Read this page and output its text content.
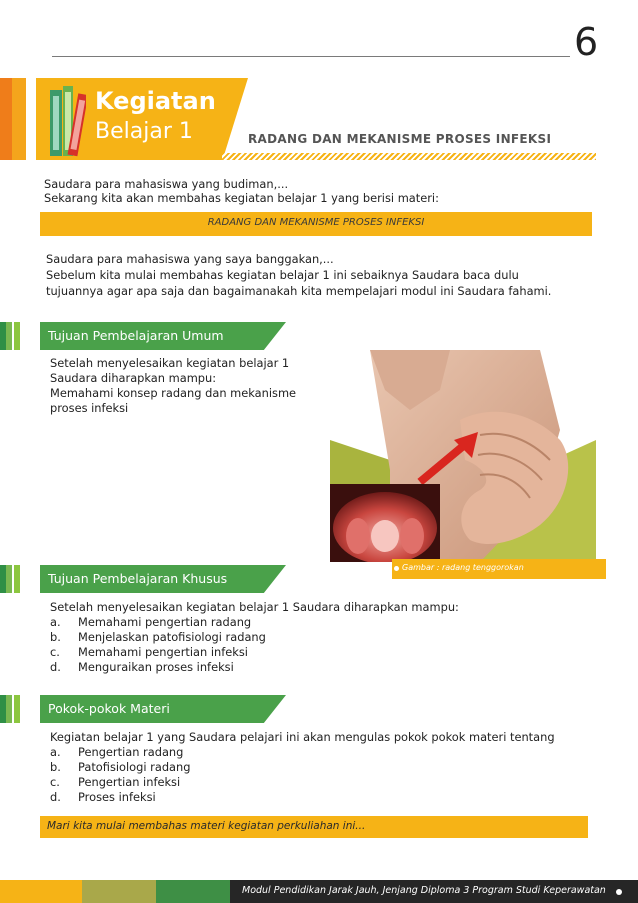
6
Kegiatan
Belajar 1	RADANG DAN MEKANISME PROSES INFEKSI
Saudara para mahasiswa yang budiman,...
Sekarang kita akan membahas kegiatan belajar 1 yang berisi materi:
RADANG DAN MEKANISME PROSES INFEKSI
Saudara para mahasiswa yang saya banggakan,...
Sebelum kita mulai membahas kegiatan belajar 1 ini sebaiknya Saudara baca dulu
tujuannya agar apa saja dan bagaimanakah kita mempelajari modul ini Saudara fahami.
Tujuan Pembelajaran Umum
Setelah menyelesaikan kegiatan belajar 1
Saudara diharapkan mampu:
Memahami konsep radang dan mekanisme
proses infeksi
Gambar : radang tenggorokan
Tujuan Pembelajaran Khusus
Setelah menyelesaikan kegiatan belajar 1 Saudara diharapkan mampu:
a. Memahami pengertian radang
b. Menjelaskan patofisiologi radang
c. Memahami pengertian infeksi
d. Menguraikan proses infeksi
Pokok-pokok Materi
Kegiatan belajar 1 yang Saudara pelajari ini akan mengulas pokok pokok materi tentang
a. Pengertian radang
b. Patofisiologi radang
c. Pengertian infeksi
d. Proses infeksi
Mari kita mulai membahas materi kegiatan perkuliahan ini...
Modul Pendidikan Jarak Jauh, Jenjang Diploma 3 Program Studi Keperawatan
